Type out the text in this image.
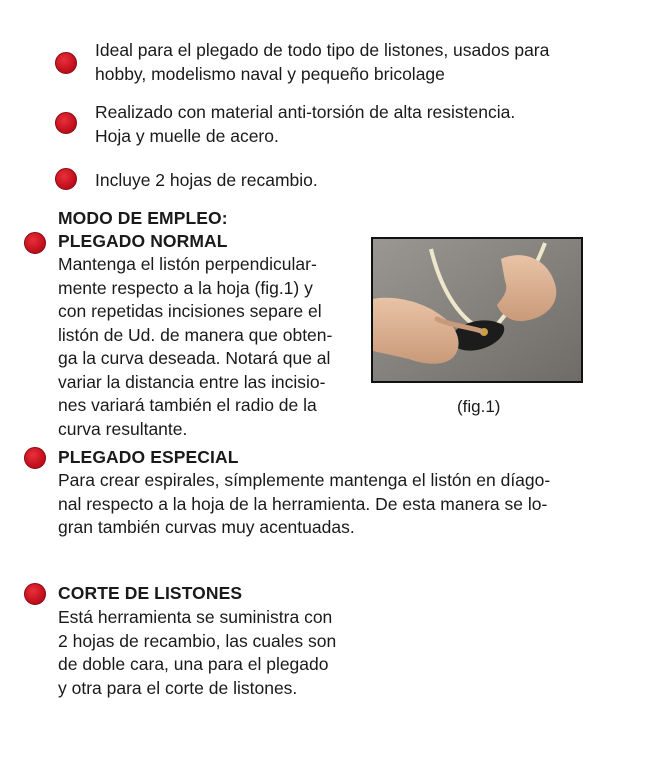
Ideal para el plegado de todo tipo de listones, usados para
hobby, modelismo naval y pequeño bricolage
Realizado con material anti-torsión de alta resistencia.
Hoja y muelle de acero.
Incluye 2 hojas de recambio.
MODO DE EMPLEO:
PLEGADO NORMAL
Mantenga el listón perpendicular-
mente respecto a la hoja (fig.1) y
con repetidas incisiones separe el
listón de Ud. de manera que obten-
ga la curva deseada. Notará que al
variar la distancia entre las incisio-
nes variará también el radio de la
curva resultante.
(fig.1)
PLEGADO ESPECIAL
Para crear espirales, símplemente mantenga el listón en díago-
nal respecto a la hoja de la herramienta. De esta manera se lo-
gran también curvas muy acentuadas.
CORTE DE LISTONES
Está herramienta se suministra con
2 hojas de recambio, las cuales son
de doble cara, una para el plegado
y otra para el corte de listones.
